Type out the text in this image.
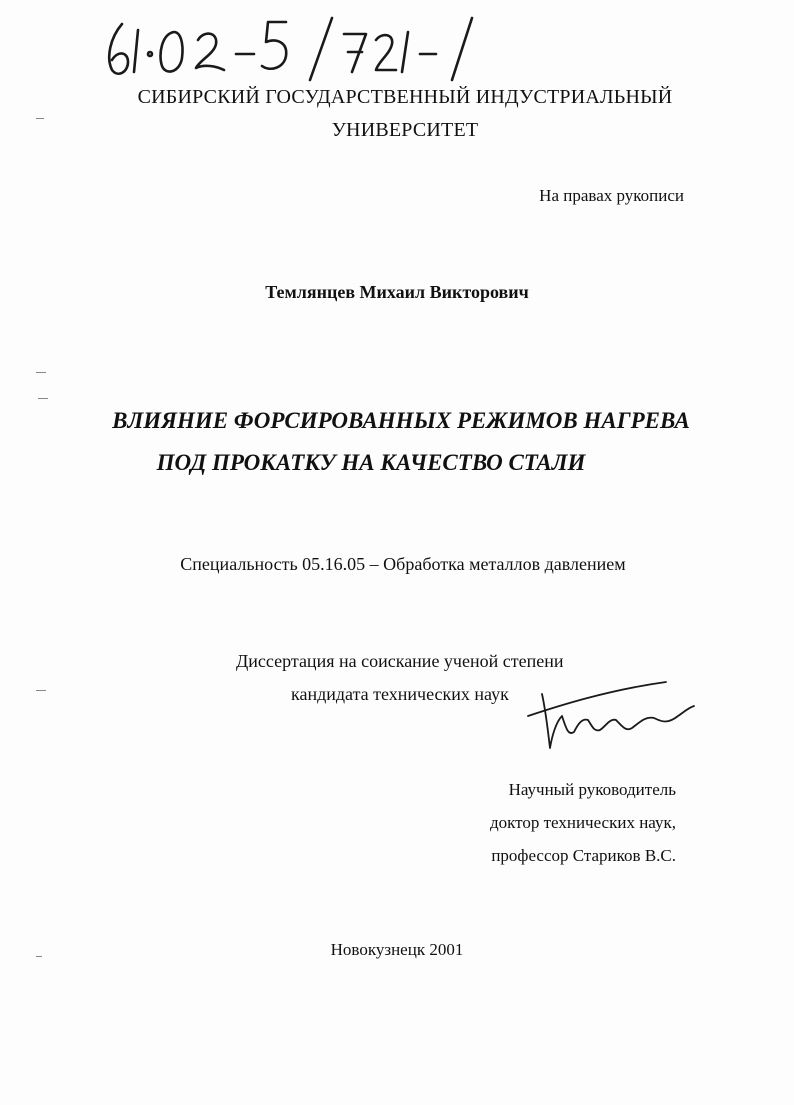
СИБИРСКИЙ ГОСУДАРСТВЕННЫЙ ИНДУСТРИАЛЬНЫЙ
УНИВЕРСИТЕТ
На правах рукописи
Темлянцев Михаил Викторович
ВЛИЯНИЕ ФОРСИРОВАННЫХ РЕЖИМОВ НАГРЕВА
ПОД ПРОКАТКУ НА КАЧЕСТВО СТАЛИ
Специальность 05.16.05 – Обработка металлов давлением
Диссертация на соискание ученой степени
кандидата технических наук
Научный руководитель
доктор технических наук,
профессор Стариков В.С.
Новокузнецк 2001
